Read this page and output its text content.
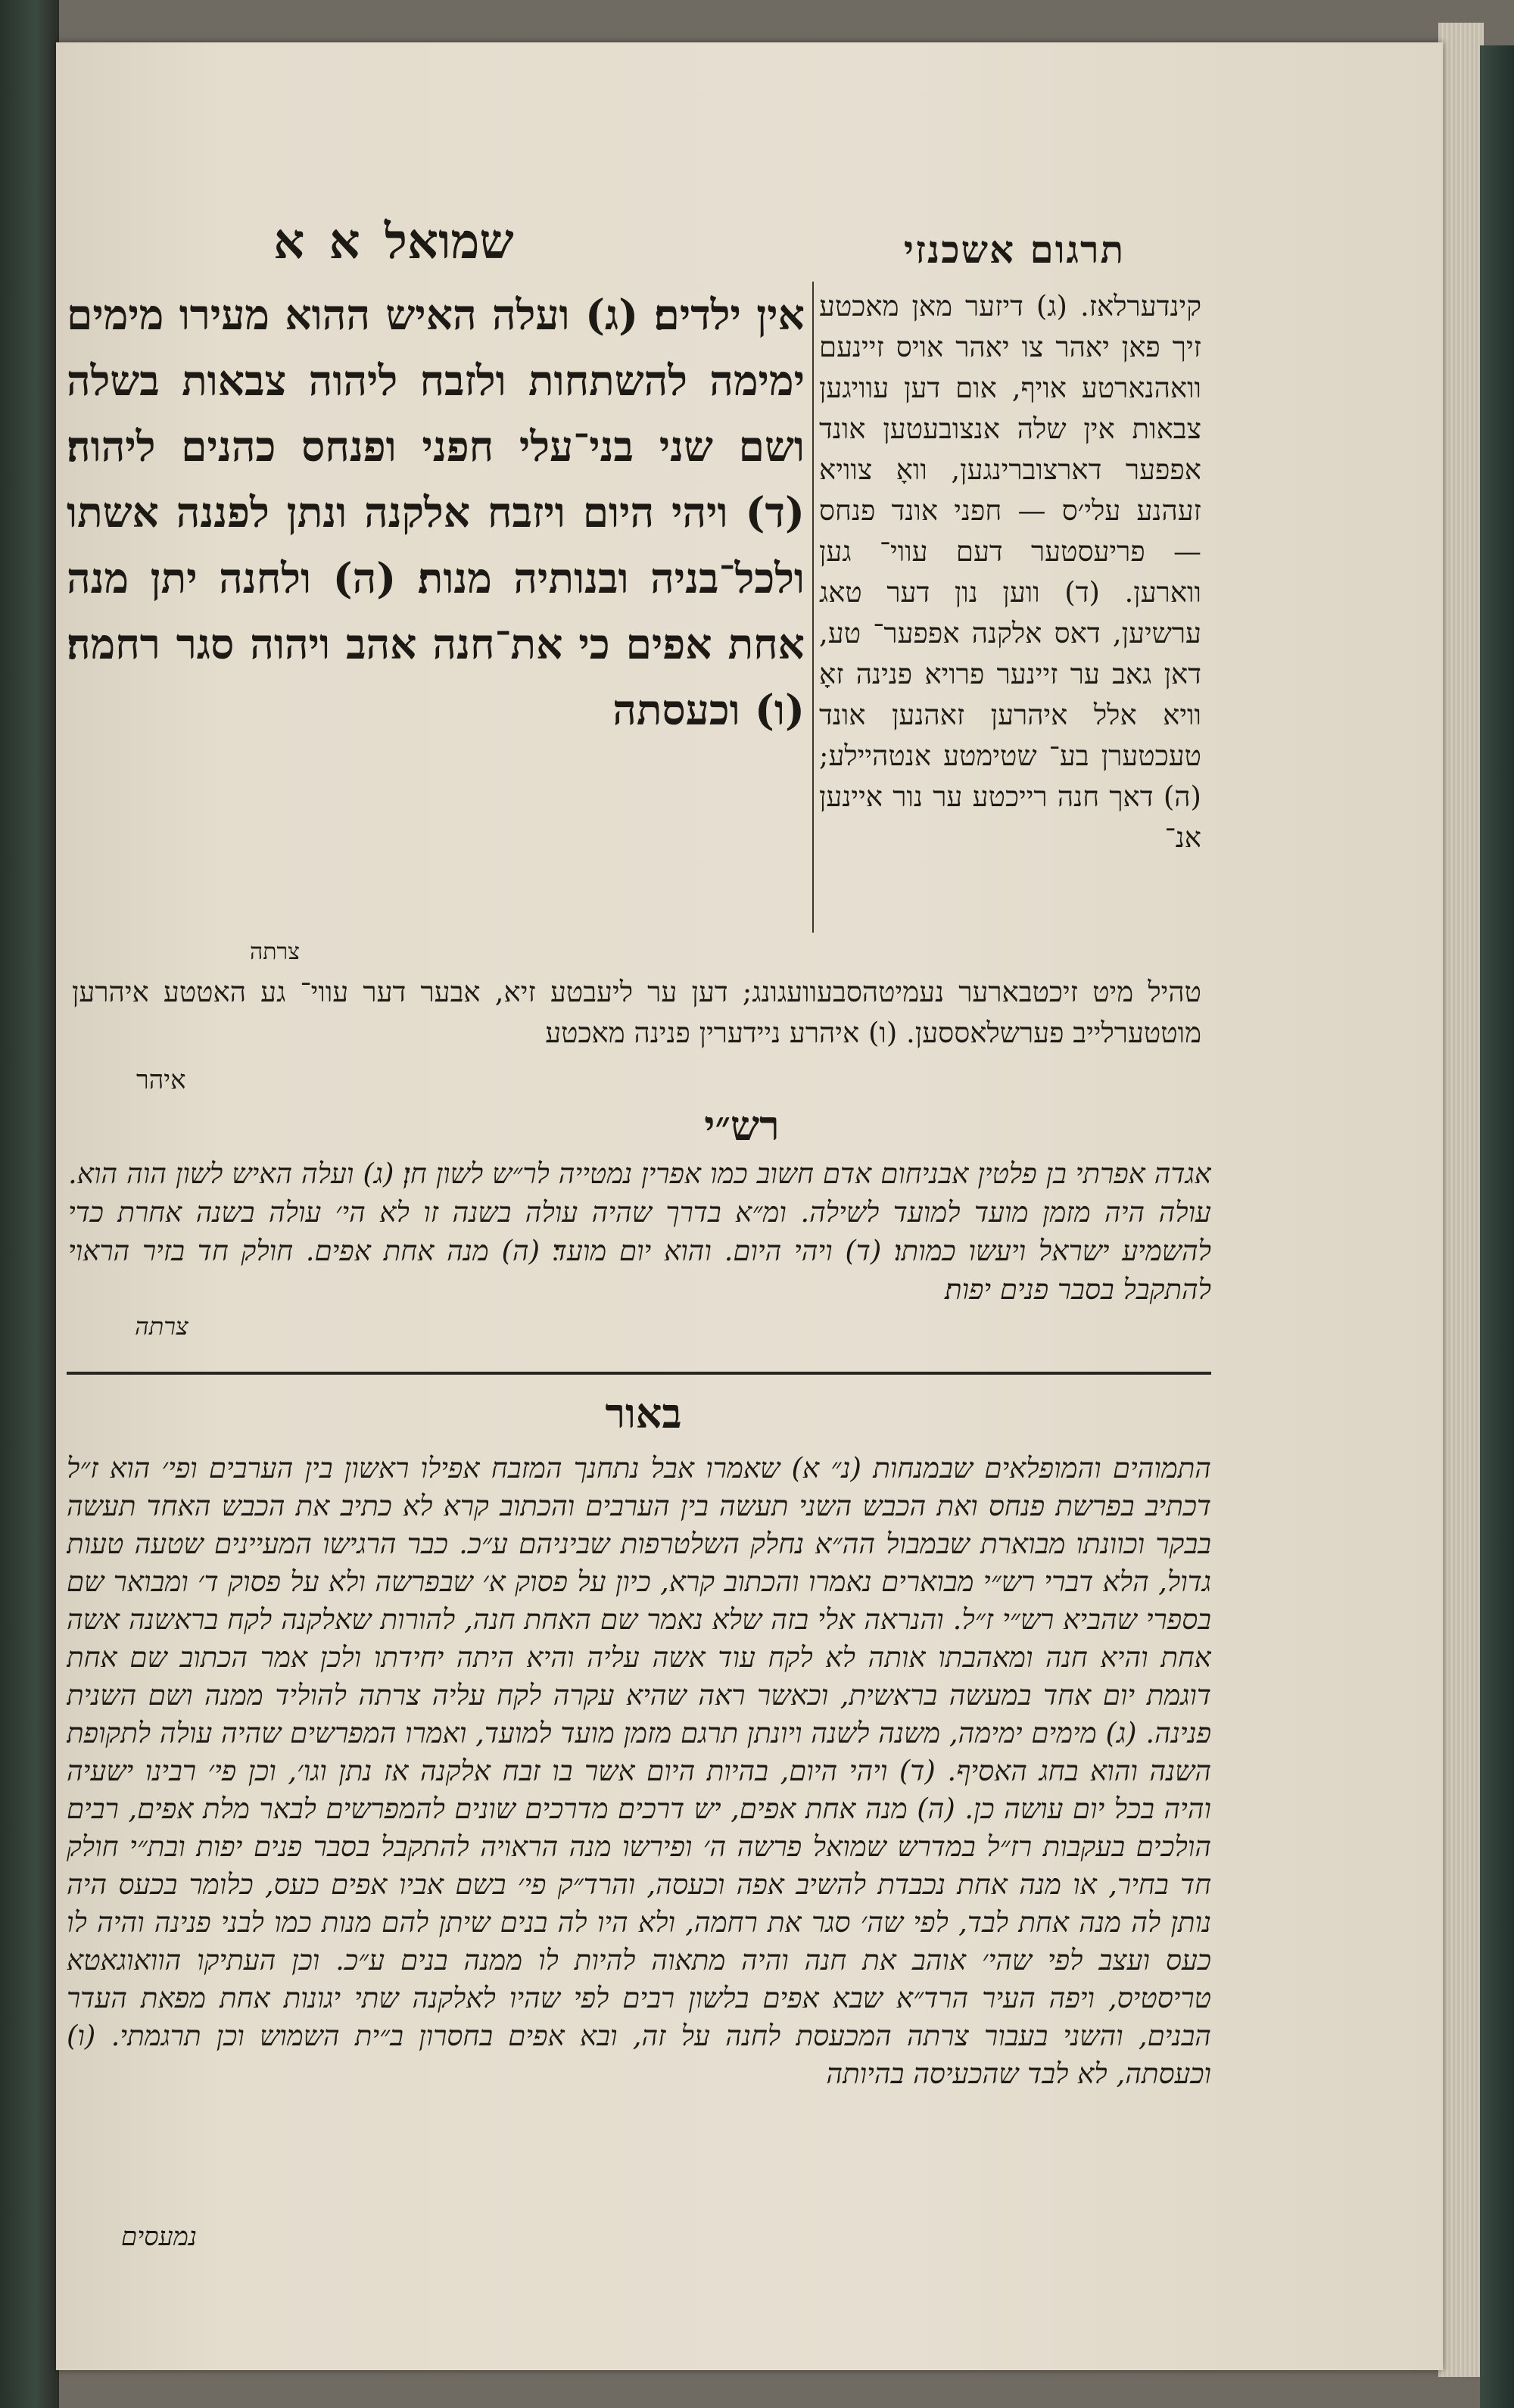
תרגום אשכנזי
שמואל א א
אין ילדים׃ (ג) ועלה האיש ההוא מעירו מימים ימימה להשתחות ולזבח ליהוה צבאות בשלה ושם שני בני־עלי חפני ופנחס כהנים ליהוה׃ (ד) ויהי היום ויזבח אלקנה ונתן לפננה אשתו ולכל־בניה ובנותיה מנות׃ (ה) ולחנה יתן מנה אחת אפים כי את־חנה אהב ויהוה סגר רחמה׃ (ו) וכעסתה
צרתה
קינדערלאז. (ג) דיזער מאן מאכטע זיך פאן יאהר צו יאהר אויס זיינעם וואהנארטע אויף, אום דען עוויגען צבאות אין שלה אנצובעטען אונד אפפער דארצוברינגען, וואָ צוויא זעהנע עלי׳ס — חפני אונד פנחס — פריעסטער דעם עווי־ גען ווארען. (ד) ווען נון דער טאג ערשיען, דאס אלקנה אפפער־ טע, דאן גאב ער זיינער פרויא פנינה זאָ וויא אלל איהרען זאהנען אונד טעכטערן בע־ שטימטע אנטהיילע; (ה) דאך חנה רייכטע ער נור איינען אנ־
טהיל מיט זיכטבארער נעמיטהסבעוועגונג; דען ער ליעבטע זיא, אבער דער עווי־ גע האטטע איהרען מוטטערלייב פערשלאססען. (ו) איהרע ניידערין פנינה מאכטע
איהר
רש״י
אגדה אפרתי בן פלטין אבניחום אדם חשוב כמו אפרין נמטייה לר״ש לשון חן׃ (ג) ועלה האיש לשון הוה הוא. עולה היה מזמן מועד למועד לשילה. ומ״א בדרך שהיה עולה בשנה זו לא הי׳ עולה בשנה אחרת כדי להשמיע ישראל ויעשו כמותו׃ (ד) ויהי היום. והוא יום מועד׃ (ה) מנה אחת אפים. חולק חד בזיר הראוי להתקבל בסבר פנים יפות׃
צרתה
באור
התמוהים והמופלאים שבמנחות (נ״ א) שאמרו אבל נתחנך המזבח אפילו ראשון בין הערבים ופי׳ הוא ז״ל דכתיב בפרשת פנחס ואת הכבש השני תעשה בין הערבים והכתוב קרא לא כתיב את הכבש האחד תעשה בבקר וכוונתו מבוארת שבמבול הה״א נחלק השלטרפות שביניהם ע״כ. כבר הרגישו המעיינים שטעה טעות גדול, הלא דברי רש״י מבוארים נאמרו והכתוב קרא, כיון על פסוק א׳ שבפרשה ולא על פסוק ד׳ ומבואר שם בספרי שהביא רש״י ז״ל. והנראה אלי בזה שלא נאמר שם האחת חנה, להורות שאלקנה לקח בראשנה אשה אחת והיא חנה ומאהבתו אותה לא לקח עוד אשה עליה והיא היתה יחידתו ולכן אמר הכתוב שם אחת דוגמת יום אחד במעשה בראשית, וכאשר ראה שהיא עקרה לקח עליה צרתה להוליד ממנה ושם השנית פנינה. (ג) מימים ימימה, משנה לשנה ויונתן תרגם מזמן מועד למועד, ואמרו המפרשים שהיה עולה לתקופת השנה והוא בחג האסיף. (ד) ויהי היום, בהיות היום אשר בו זבח אלקנה אז נתן וגו׳, וכן פי׳ רבינו ישעיה והיה בכל יום עושה כן. (ה) מנה אחת אפים, יש דרכים מדרכים שונים להמפרשים לבאר מלת אפים, רבים הולכים בעקבות רז״ל במדרש שמואל פרשה ה׳ ופירשו מנה הראויה להתקבל בסבר פנים יפות ובת״י חולק חד בחיר, או מנה אחת נכבדת להשיב אפה וכעסה, והרד״ק פי׳ בשם אביו אפים כעס, כלומר בכעס היה נותן לה מנה אחת לבד, לפי שה׳ סגר את רחמה, ולא היו לה בנים שיתן להם מנות כמו לבני פנינה והיה לו כעס ועצב לפי שהי׳ אוהב את חנה והיה מתאוה להיות לו ממנה בנים ע״כ. וכן העתיקו הוואוגאטא טריסטיס, ויפה העיר הרד״א שבא אפים בלשון רבים לפי שהיו לאלקנה שתי יגונות אחת מפאת העדר הבנים, והשני בעבור צרתה המכעסת לחנה על זה, ובא אפים בחסרון ב״ית השמוש וכן תרגמתי. (ו) וכעסתה, לא לבד שהכעיסה בהיותה
נמעסים
